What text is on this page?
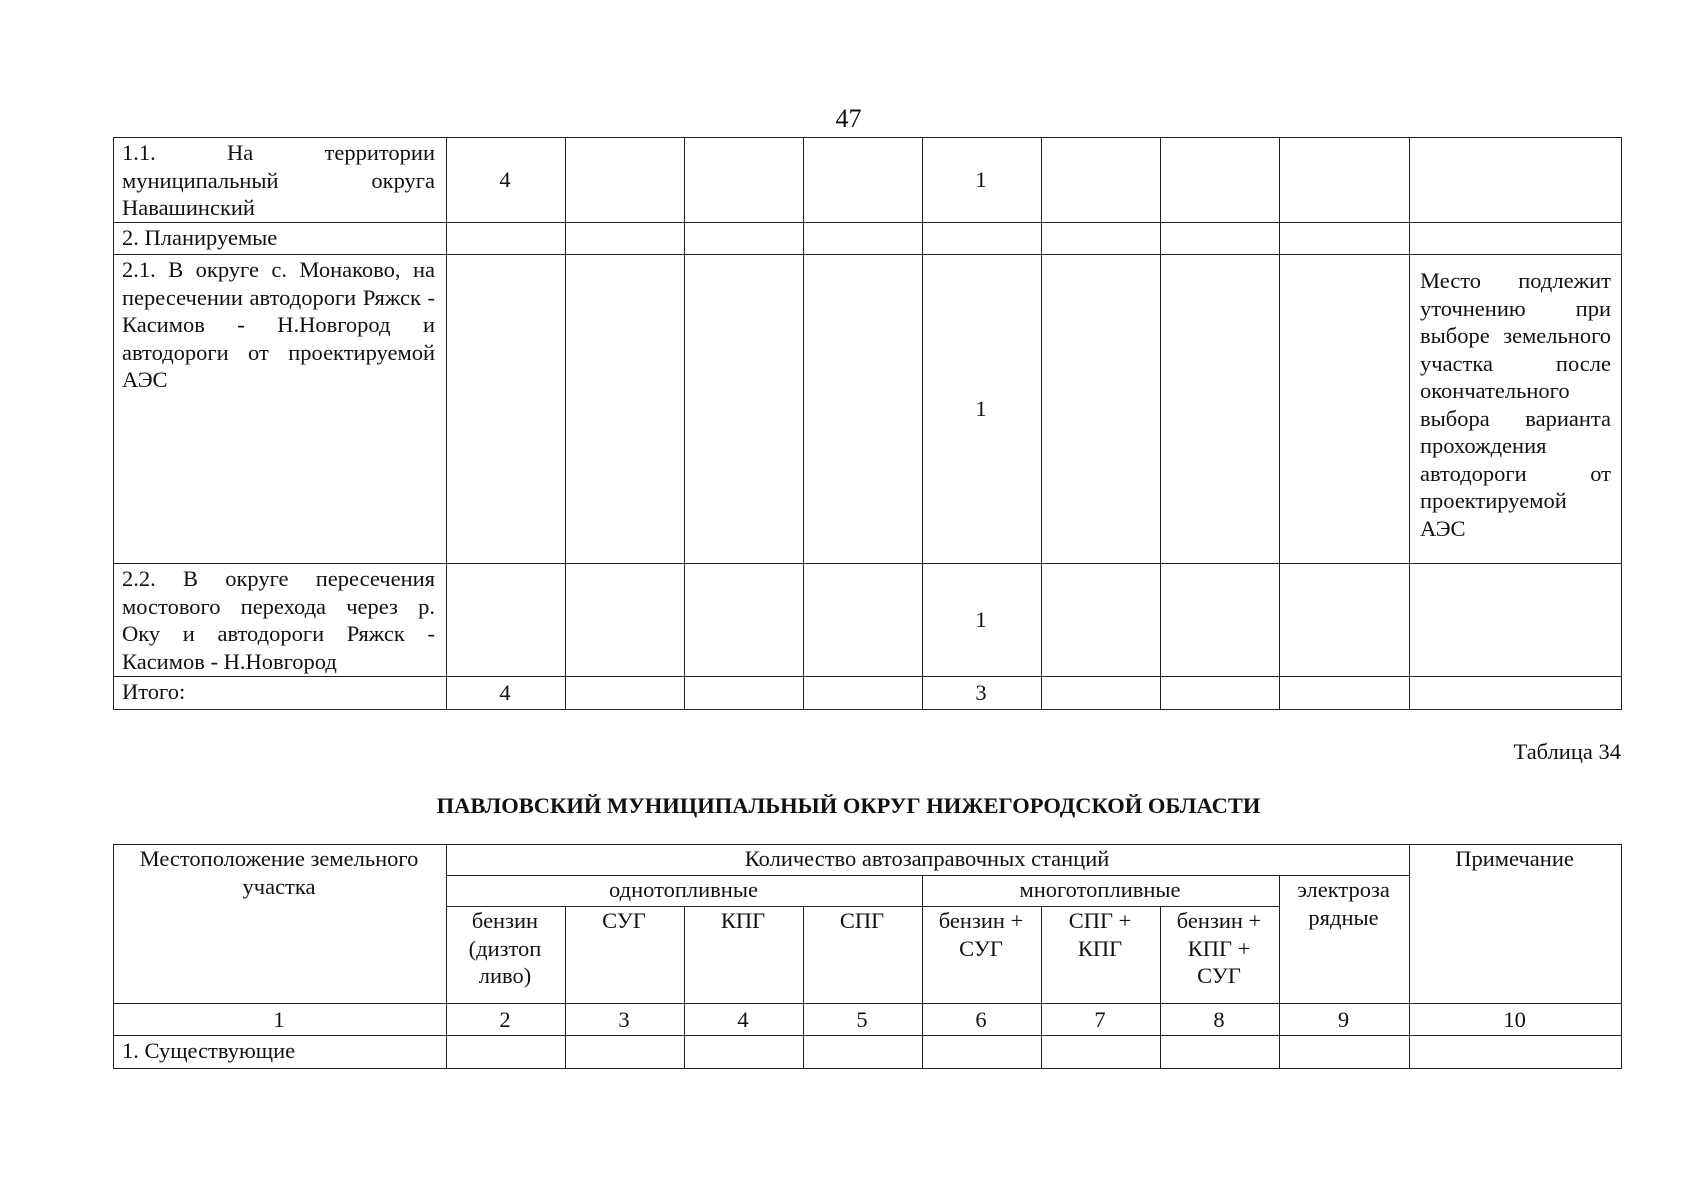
47
1.1. На территории муниципальный округа Навашинский	4				1				
2. Планируемые									
2.1. В округе с. Монаково, на пересечении автодороги Ряжск - Касимов - Н.Новгород и автодороги от проектируемой АЭС					1				Место подлежит уточнению при выборе земельного участка после окончательного выбора варианта прохождения автодороги от проектируемой АЭС
2.2. В округе пересечения мостового перехода через р. Оку и автодороги Ряжск - Касимов - Н.Новгород					1				
Итого:	4				3				
Таблица 34
ПАВЛОВСКИЙ МУНИЦИПАЛЬНЫЙ ОКРУГ НИЖЕГОРОДСКОЙ ОБЛАСТИ
Местоположение земельного участка	Количество автозаправочных станций								Примечание
	однотопливные				многотопливные			электроза рядные	
	бензин (дизтоп ливо)	СУГ	КПГ	СПГ	бензин + СУГ	СПГ + КПГ	бензин + КПГ + СУГ		
1	2	3	4	5	6	7	8	9	10
1. Существующие									
